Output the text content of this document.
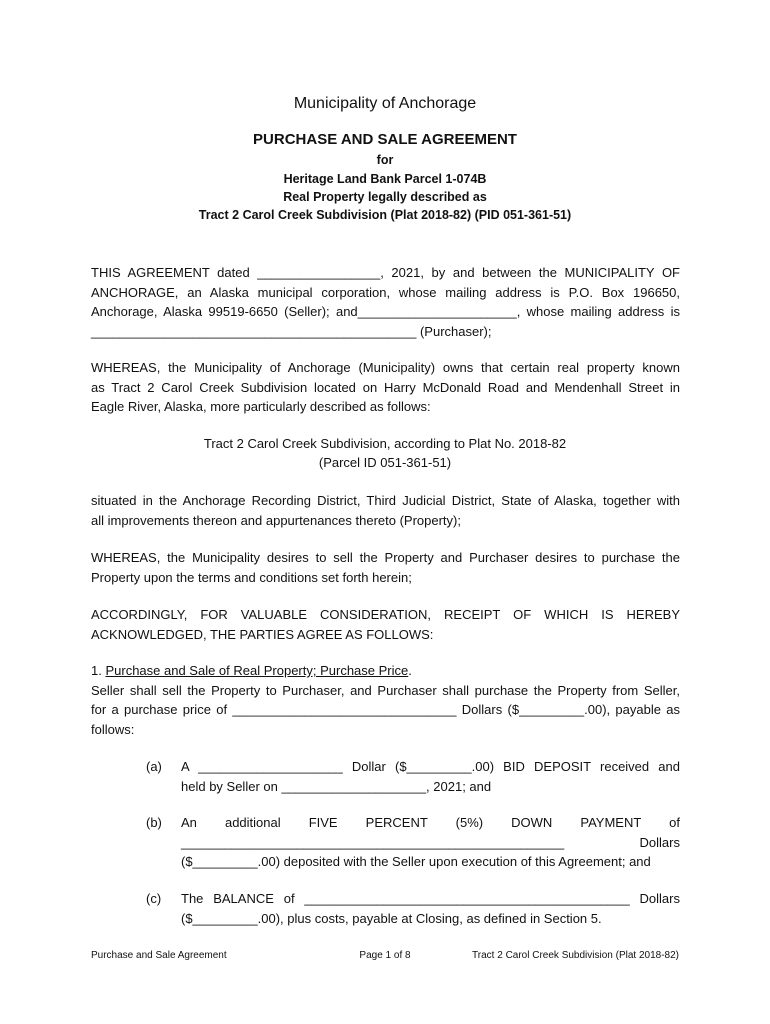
Municipality of Anchorage
PURCHASE AND SALE AGREEMENT
for
Heritage Land Bank Parcel 1-074B
Real Property legally described as
Tract 2 Carol Creek Subdivision (Plat 2018-82) (PID 051-361-51)
THIS AGREEMENT dated _________________, 2021, by and between the MUNICIPALITY OF
ANCHORAGE, an Alaska municipal corporation, whose mailing address is P.O. Box 196650,
Anchorage, Alaska 99519-6650 (Seller); and______________________, whose mailing address is
_____________________________________________ (Purchaser);
WHEREAS, the Municipality of Anchorage (Municipality) owns that certain real property known
as Tract 2 Carol Creek Subdivision located on Harry McDonald Road and Mendenhall Street in
Eagle River, Alaska, more particularly described as follows:
Tract 2 Carol Creek Subdivision, according to Plat No. 2018-82
(Parcel ID 051-361-51)
situated in the Anchorage Recording District, Third Judicial District, State of Alaska, together with
all improvements thereon and appurtenances thereto (Property);
WHEREAS, the Municipality desires to sell the Property and Purchaser desires to purchase the
Property upon the terms and conditions set forth herein;
ACCORDINGLY, FOR VALUABLE CONSIDERATION, RECEIPT OF WHICH IS HEREBY
ACKNOWLEDGED, THE PARTIES AGREE AS FOLLOWS:
1. Purchase and Sale of Real Property; Purchase Price.
Seller shall sell the Property to Purchaser, and Purchaser shall purchase the Property from Seller,
for a purchase price of _______________________________ Dollars ($_________.00), payable as
follows:
(a) A ____________________ Dollar ($_________.00) BID DEPOSIT received and
held by Seller on ____________________, 2021; and
(b) An additional FIVE PERCENT (5%) DOWN PAYMENT of
_____________________________________________________ Dollars
($_________.00) deposited with the Seller upon execution of this Agreement; and
(c) The BALANCE of _____________________________________________ Dollars
($_________.00), plus costs, payable at Closing, as defined in Section 5.
Purchase and Sale Agreement	Page 1 of 8	Tract 2 Carol Creek Subdivision (Plat 2018-82)
